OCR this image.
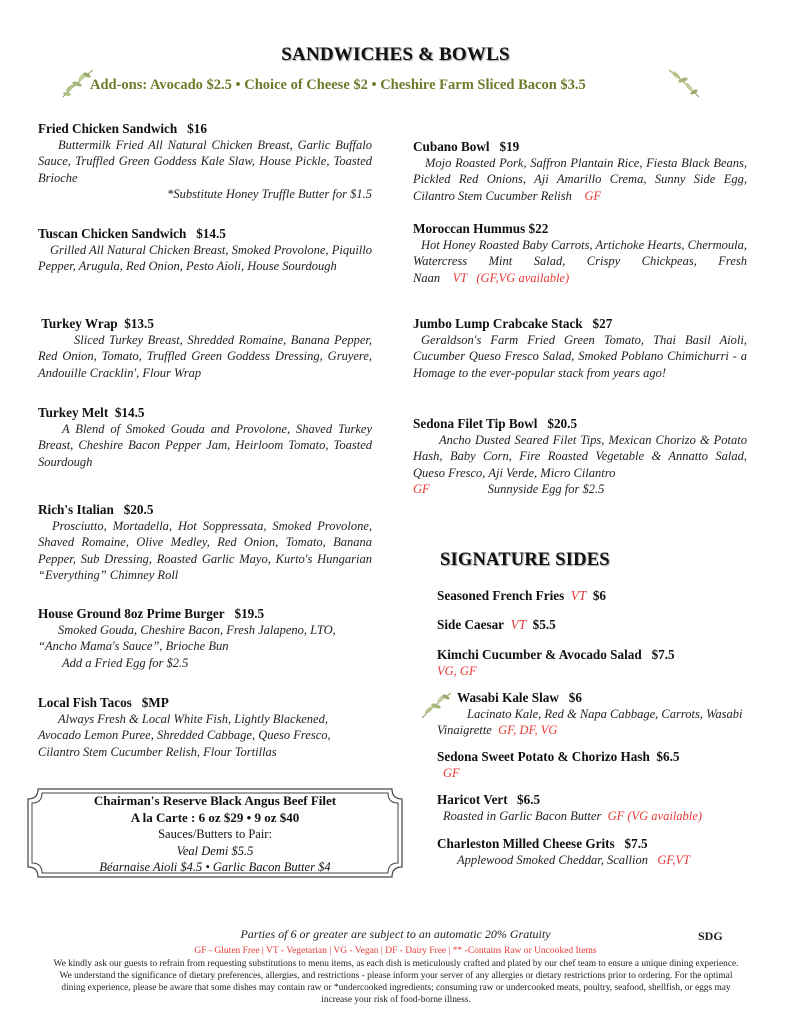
SANDWICHES & BOWLS
Add-ons: Avocado $2.5 • Choice of Cheese $2 • Cheshire Farm Sliced Bacon $3.5
Fried Chicken Sandwich $16
Buttermilk Fried All Natural Chicken Breast, Garlic Buffalo Sauce, Truffled Green Goddess Kale Slaw, House Pickle, Toasted Brioche
*Substitute Honey Truffle Butter for $1.5
Tuscan Chicken Sandwich $14.5
Grilled All Natural Chicken Breast, Smoked Provolone, Piquillo Pepper, Arugula, Red Onion, Pesto Aioli, House Sourdough
Turkey Wrap $13.5
Sliced Turkey Breast, Shredded Romaine, Banana Pepper, Red Onion, Tomato, Truffled Green Goddess Dressing, Gruyere, Andouille Cracklin', Flour Wrap
Turkey Melt $14.5
A Blend of Smoked Gouda and Provolone, Shaved Turkey Breast, Cheshire Bacon Pepper Jam, Heirloom Tomato, Toasted Sourdough
Rich's Italian $20.5
Prosciutto, Mortadella, Hot Soppressata, Smoked Provolone, Shaved Romaine, Olive Medley, Red Onion, Tomato, Banana Pepper, Sub Dressing, Roasted Garlic Mayo, Kurto's Hungarian “Everything” Chimney Roll
House Ground 8oz Prime Burger $19.5
Smoked Gouda, Cheshire Bacon, Fresh Jalapeno, LTO, “Ancho Mama's Sauce”, Brioche Bun
Add a Fried Egg for $2.5
Local Fish Tacos $MP
Always Fresh & Local White Fish, Lightly Blackened, Avocado Lemon Puree, Shredded Cabbage, Queso Fresco, Cilantro Stem Cucumber Relish, Flour Tortillas
Chairman's Reserve Black Angus Beef Filet
A la Carte : 6 oz $29 • 9 oz $40
Sauces/Butters to Pair:
Veal Demi $5.5
Béarnaise Aioli $4.5 • Garlic Bacon Butter $4
Cubano Bowl $19
Mojo Roasted Pork, Saffron Plantain Rice, Fiesta Black Beans, Pickled Red Onions, Aji Amarillo Crema, Sunny Side Egg, Cilantro Stem Cucumber Relish GF
Moroccan Hummus $22
Hot Honey Roasted Baby Carrots, Artichoke Hearts, Chermoula, Watercress Mint Salad, Crispy Chickpeas, Fresh Naan VT   (GF,VG available)
Jumbo Lump Crabcake Stack $27
Geraldson's Farm Fried Green Tomato, Thai Basil Aioli, Cucumber Queso Fresco Salad, Smoked Poblano Chimichurri - a Homage to the ever-popular stack from years ago!
Sedona Filet Tip Bowl $20.5
Ancho Dusted Seared Filet Tips, Mexican Chorizo & Potato Hash, Baby Corn, Fire Roasted Vegetable & Annatto Salad, Queso Fresco, Aji Verde, Micro Cilantro
GF	Sunnyside Egg for $2.5
SIGNATURE SIDES
Seasoned French Fries VT $6
Side Caesar VT $5.5
Kimchi Cucumber & Avocado Salad $7.5
VG, GF
Wasabi Kale Slaw $6
Lacinato Kale, Red & Napa Cabbage, Carrots, Wasabi Vinaigrette GF, DF, VG
Sedona Sweet Potato & Chorizo Hash $6.5
GF
Haricot Vert
Roasted in Garlic Bacon Butter GF (VG available)
Charleston Milled Cheese Grits $7.5
Applewood Smoked Cheddar, Scallion GF,VT
$6.5
Parties of 6 or greater are subject to an automatic 20% Gratuity	SDG
GF - Gluten Free | VT - Vegetarian | VG - Vegan | DF - Dairy Free | ** -Contains Raw or Uncooked Items
We kindly ask our guests to refrain from requesting substitutions to menu items, as each dish is meticulously crafted and plated by our chef team to ensure a unique dining experience. We understand the significance of dietary preferences, allergies, and restrictions - please inform your server of any allergies or dietary restrictions prior to ordering. For the optimal dining experience, please be aware that some dishes may contain raw or *undercooked ingredients; consuming raw or undercooked meats, poultry, seafood, shellfish, or eggs may increase your risk of food-borne illness.
